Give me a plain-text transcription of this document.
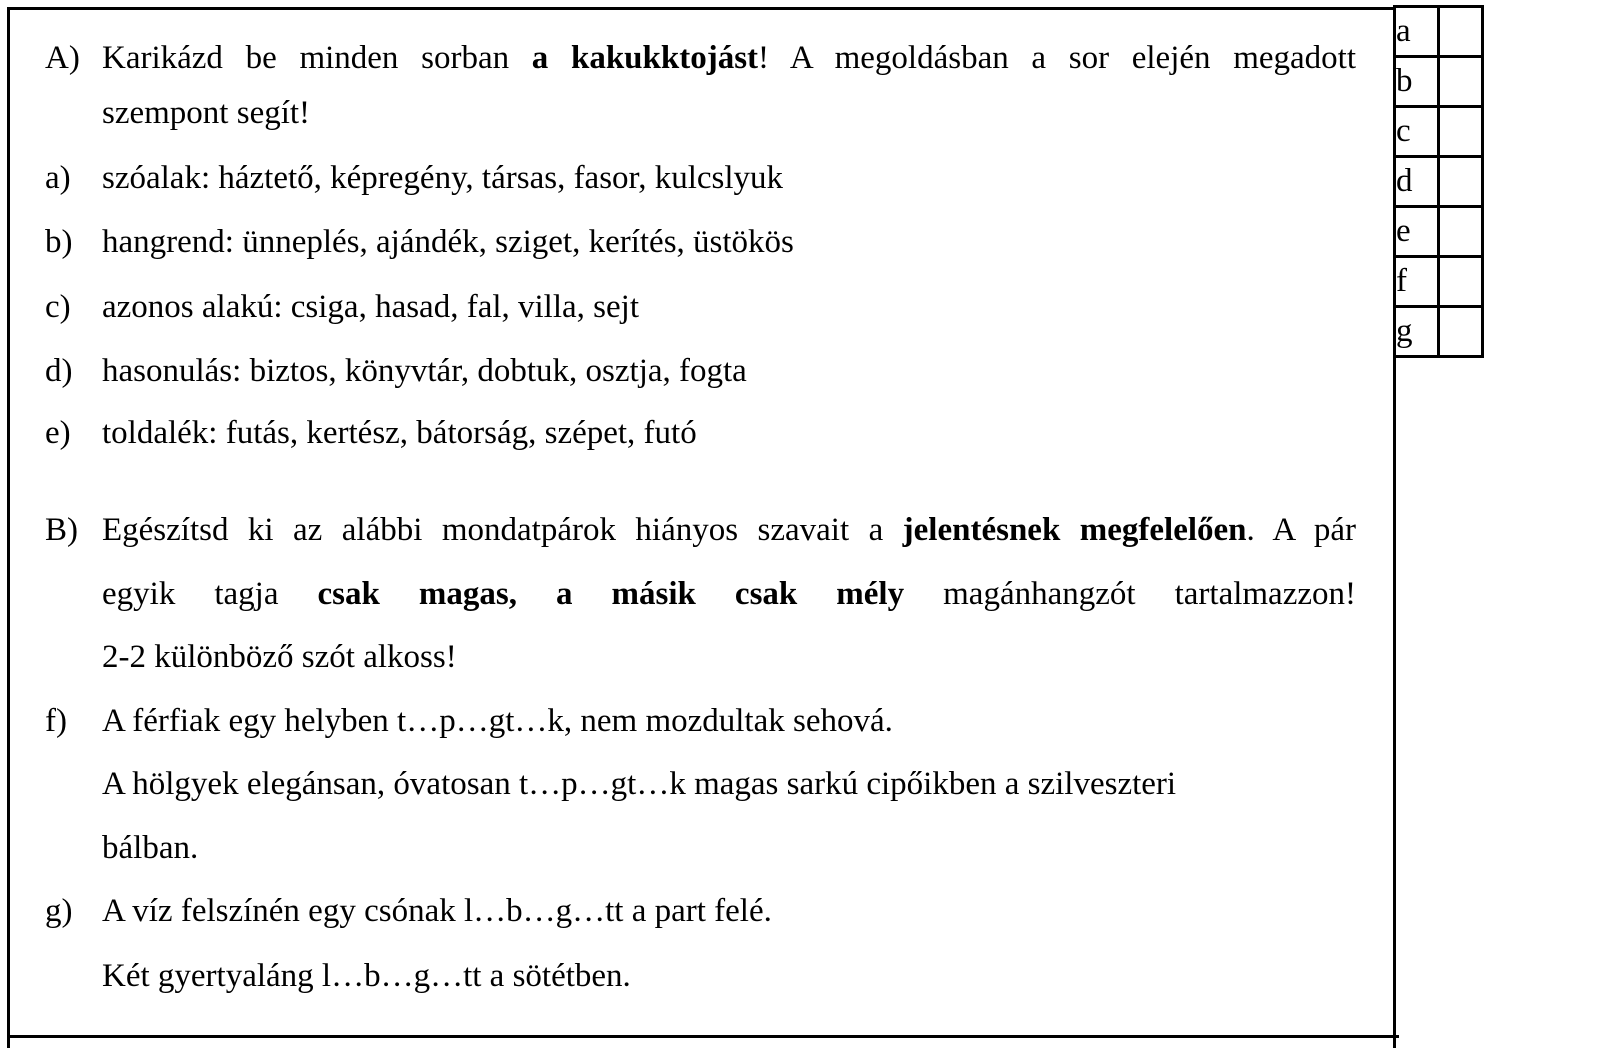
A) Karikázd be minden sorban a kakukktojást! A megoldásban a sor elején megadott
szempont segít!
a) szóalak: háztető, képregény, társas, fasor, kulcslyuk
b) hangrend: ünneplés, ajándék, sziget, kerítés, üstökös
c) azonos alakú: csiga, hasad, fal, villa, sejt
d) hasonulás: biztos, könyvtár, dobtuk, osztja, fogta
e) toldalék: futás, kertész, bátorság, szépet, futó
B) Egészítsd ki az alábbi mondatpárok hiányos szavait a jelentésnek megfelelően. A pár
egyik tagja csak magas, a másik csak mély magánhangzót tartalmazzon!
2-2 különböző szót alkoss!
f)	A férfiak egy helyben t…p…gt…k, nem mozdultak sehová.
A hölgyek elegánsan, óvatosan t…p…gt…k magas sarkú cipőikben a szilveszteri
bálban.
g) A víz felszínén egy csónak l…b…g…tt a part felé.
Két gyertyaláng l…b…g…tt a sötétben.
a	
b	
c	
d	
e	
f	
g	
